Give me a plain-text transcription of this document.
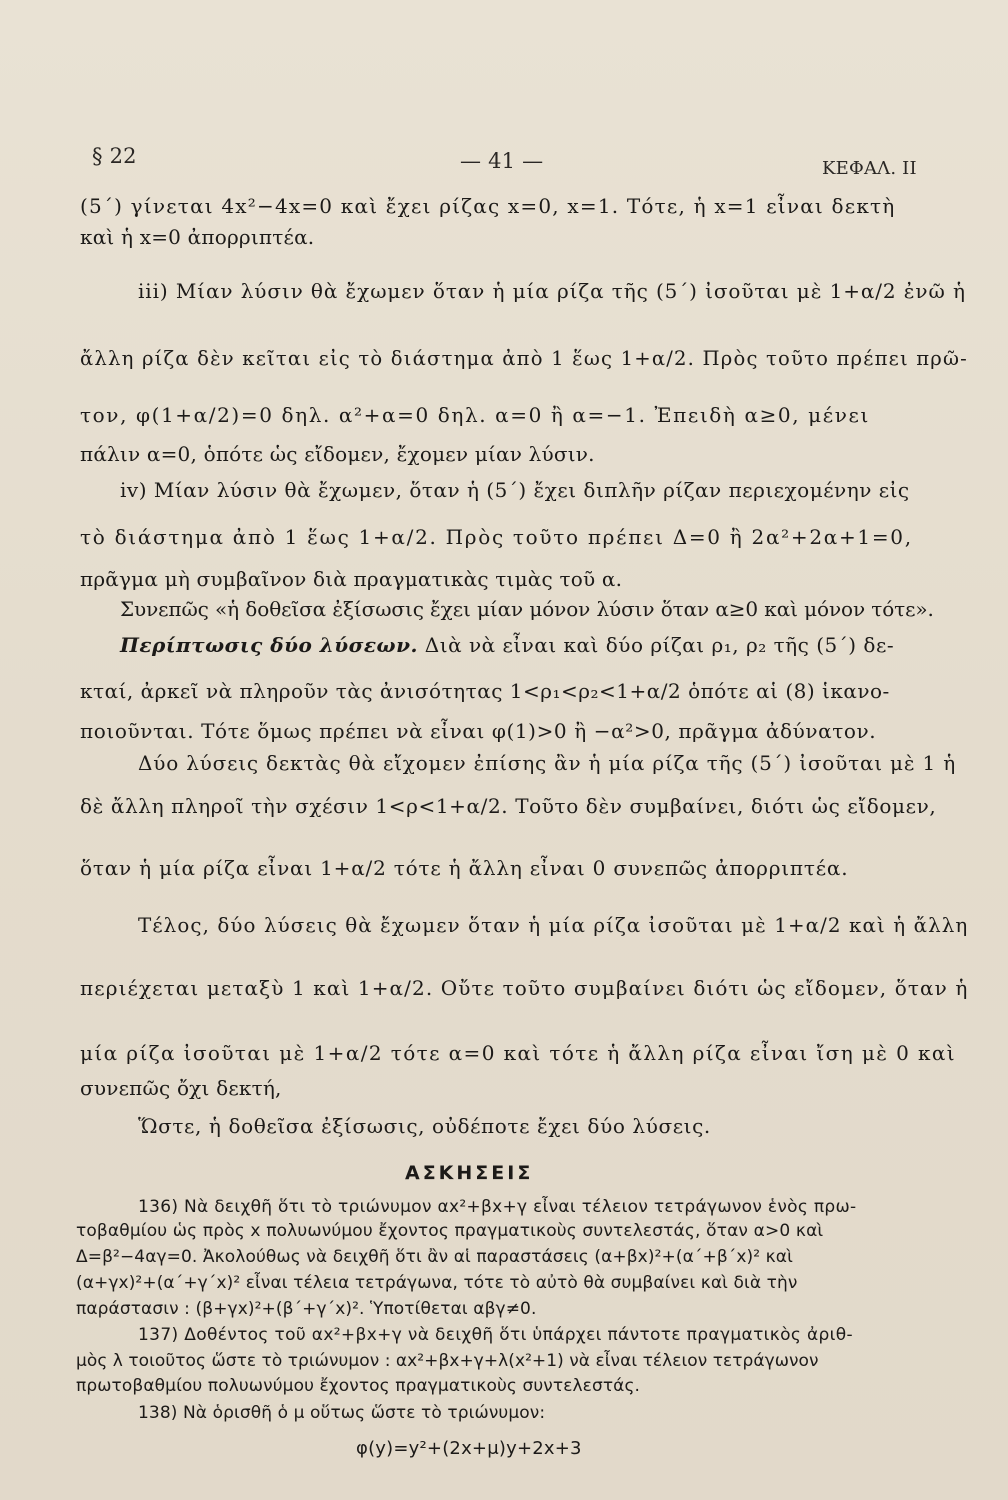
§ 22	— 41 —	ΚΕΦΑΛ. II
(5΄) γίνεται 4x²−4x=0 καὶ ἔχει ρίζας x=0, x=1. Τότε, ἡ x=1 εἶναι δεκτὴ
καὶ ἡ x=0 ἀπορριπτέα.
iii) Μίαν λύσιν θὰ ἔχωμεν ὅταν ἡ μία ρίζα τῆς (5΄) ἰσοῦται μὲ 1+α/2 ἐνῶ ἡ
ἄλλη ρίζα δὲν κεῖται εἰς τὸ διάστημα ἀπὸ 1 ἕως 1+α/2. Πρὸς τοῦτο πρέπει πρῶ-
τον, φ(1+α/2)=0 δηλ. α²+α=0 δηλ. α=0 ἢ α=−1. Ἐπειδὴ α≥0, μένει
πάλιν α=0, ὁπότε ὡς εἴδομεν, ἔχομεν μίαν λύσιν.
iv) Μίαν λύσιν θὰ ἔχωμεν, ὅταν ἡ (5΄) ἔχει διπλῆν ρίζαν περιεχομένην εἰς
τὸ διάστημα ἀπὸ 1 ἕως 1+α/2. Πρὸς τοῦτο πρέπει Δ=0 ἢ 2α²+2α+1=0,
πρᾶγμα μὴ συμβαῖνον διὰ πραγματικὰς τιμὰς τοῦ α.
Συνεπῶς «ἡ δοθεῖσα ἐξίσωσις ἔχει μίαν μόνον λύσιν ὅταν α≥0 καὶ μόνον τότε».
Περίπτωσις δύο λύσεων. Διὰ νὰ εἶναι καὶ δύο ρίζαι ρ₁, ρ₂ τῆς (5΄) δε-
κταί, ἀρκεῖ νὰ πληροῦν τὰς ἀνισότητας 1<ρ₁<ρ₂<1+α/2 ὁπότε αἱ (8) ἱκανο-
ποιοῦνται. Τότε ὅμως πρέπει νὰ εἶναι φ(1)>0 ἢ −α²>0, πρᾶγμα ἀδύνατον.
Δύο λύσεις δεκτὰς θὰ εἴχομεν ἐπίσης ἂν ἡ μία ρίζα τῆς (5΄) ἰσοῦται μὲ 1 ἡ
δὲ ἄλλη πληροῖ τὴν σχέσιν 1<ρ<1+α/2. Τοῦτο δὲν συμβαίνει, διότι ὡς εἴδομεν,
ὅταν ἡ μία ρίζα εἶναι 1+α/2 τότε ἡ ἄλλη εἶναι 0 συνεπῶς ἀπορριπτέα.
Τέλος, δύο λύσεις θὰ ἔχωμεν ὅταν ἡ μία ρίζα ἰσοῦται μὲ 1+α/2 καὶ ἡ ἄλλη
περιέχεται μεταξὺ 1 καὶ 1+α/2. Οὔτε τοῦτο συμβαίνει διότι ὡς εἴδομεν, ὅταν ἡ
μία ρίζα ἰσοῦται μὲ 1+α/2 τότε α=0 καὶ τότε ἡ ἄλλη ρίζα εἶναι ἴση μὲ 0 καὶ
συνεπῶς ὄχι δεκτή,
Ὥστε, ἡ δοθεῖσα ἐξίσωσις, οὐδέποτε ἔχει δύο λύσεις.
ΑΣΚΗΣΕΙΣ
136) Νὰ δειχθῆ ὅτι τὸ τριώνυμον αx²+βx+γ εἶναι τέλειον τετράγωνον ἑνὸς πρω-
τοβαθμίου ὡς πρὸς x πολυωνύμου ἔχοντος πραγματικοὺς συντελεστάς, ὅταν α>0 καὶ
Δ=β²−4αγ=0. Ἀκολούθως νὰ δειχθῆ ὅτι ἂν αἱ παραστάσεις (α+βx)²+(α΄+β΄x)² καὶ
(α+γx)²+(α΄+γ΄x)² εἶναι τέλεια τετράγωνα, τότε τὸ αὐτὸ θὰ συμβαίνει καὶ διὰ τὴν
παράστασιν : (β+γx)²+(β΄+γ΄x)². Ὑποτίθεται αβγ≠0.
137) Δοθέντος τοῦ αx²+βx+γ νὰ δειχθῆ ὅτι ὑπάρχει πάντοτε πραγματικὸς ἀριθ-
μὸς λ τοιοῦτος ὥστε τὸ τριώνυμον : αx²+βx+γ+λ(x²+1) νὰ εἶναι τέλειον τετράγωνον
πρωτοβαθμίου πολυωνύμου ἔχοντος πραγματικοὺς συντελεστάς.
138) Νὰ ὁρισθῆ ὁ μ οὕτως ὥστε τὸ τριώνυμον:
φ(y)=y²+(2x+μ)y+2x+3
